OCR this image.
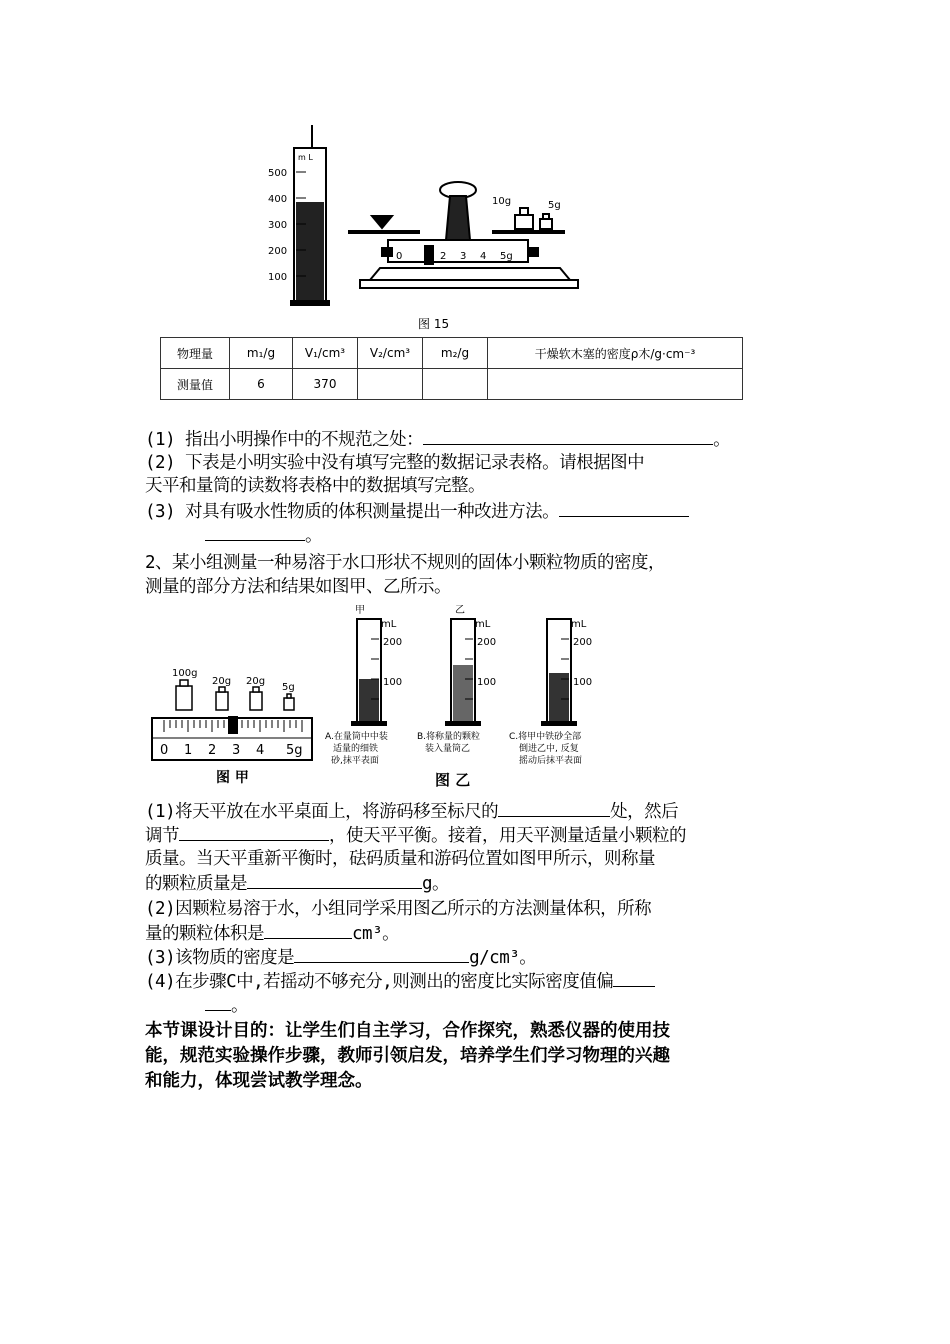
m L
500
400
300
200
100
0	2 3 4 5g
10g	5g
图 15
物理量	m₁/g	V₁/cm³	V₂/cm³	m₂/g	干燥软木塞的密度ρ木/g·cm⁻³
测量值	6	370			
(1) 指出小明操作中的不规范之处：	。
(2) 下表是小明实验中没有填写完整的数据记录表格。请根据图中
天平和量筒的读数将表格中的数据填写完整。
(3) 对具有吸水性物质的体积测量提出一种改进方法。
。
2、某小组测量一种易溶于水口形状不规则的固体小颗粒物质的密度，
测量的部分方法和结果如图甲、乙所示。
100g
20g 20g
5g
0 1 2 3 4 5g
图 甲
mL
200
100
甲
mL
200
100
乙
mL
200
100
A.在量筒中中装
适量的细铁
砂,抹平表面
B.将称量的颗粒
装入量筒乙
C.将甲中铁砂全部
倒进乙中, 反复
摇动后抹平表面
图 乙
(1)将天平放在水平桌面上，将游码移至标尺的	处，然后
调节	，使天平平衡。接着，用天平测量适量小颗粒的
质量。当天平重新平衡时，砝码质量和游码位置如图甲所示，则称量
的颗粒质量是	g。
(2)因颗粒易溶于水，小组同学采用图乙所示的方法测量体积，所称
量的颗粒体积是	cm³。
(3)该物质的密度是	g/cm³。
(4)在步骤C中,若摇动不够充分,则测出的密度比实际密度值偏
。
本节课设计目的：让学生们自主学习，合作探究，熟悉仪器的使用技
能，规范实验操作步骤，教师引领启发，培养学生们学习物理的兴趣
和能力，体现尝试教学理念。
